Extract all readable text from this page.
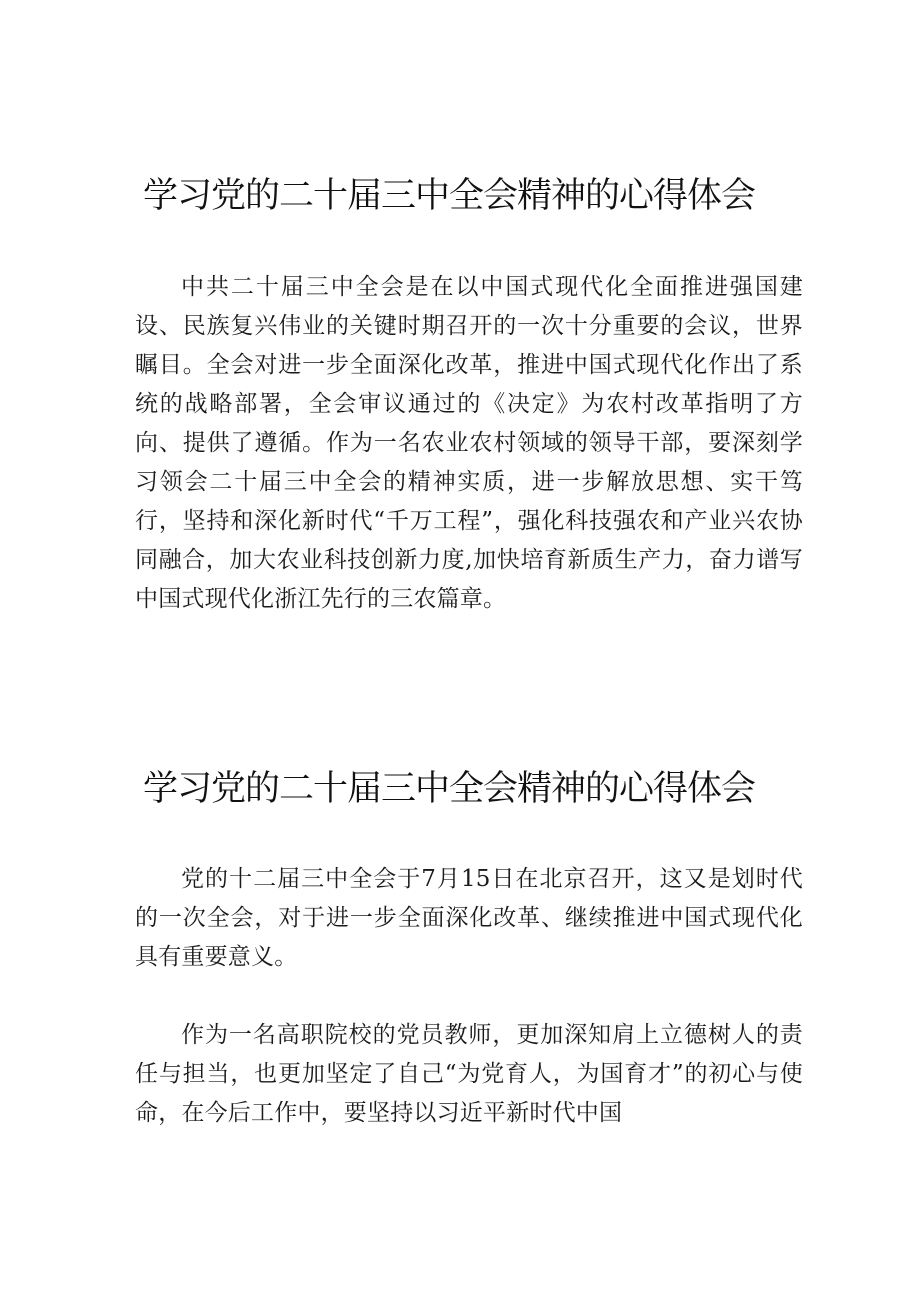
学习党的二十届三中全会精神的心得体会

中共二十届三中全会是在以中国式现代化全面推进强国建设、民族复兴伟业的关键时期召开的一次十分重要的会议，世界瞩目。全会对进一步全面深化改革，推进中国式现代化作出了系统的战略部署，全会审议通过的《决定》为农村改革指明了方向、提供了遵循。作为一名农业农村领域的领导干部，要深刻学习领会二十届三中全会的精神实质，进一步解放思想、实干笃行，坚持和深化新时代“千万工程”，强化科技强农和产业兴农协同融合，加大农业科技创新力度,加快培育新质生产力，奋力谱写中国式现代化浙江先行的三农篇章。

学习党的二十届三中全会精神的心得体会

党的十二届三中全会于7月15日在北京召开，这又是划时代的一次全会，对于进一步全面深化改革、继续推进中国式现代化具有重要意义。

作为一名高职院校的党员教师，更加深知肩上立德树人的责任与担当，也更加坚定了自己“为党育人，为国育才”的初心与使命，在今后工作中，要坚持以习近平新时代中国
